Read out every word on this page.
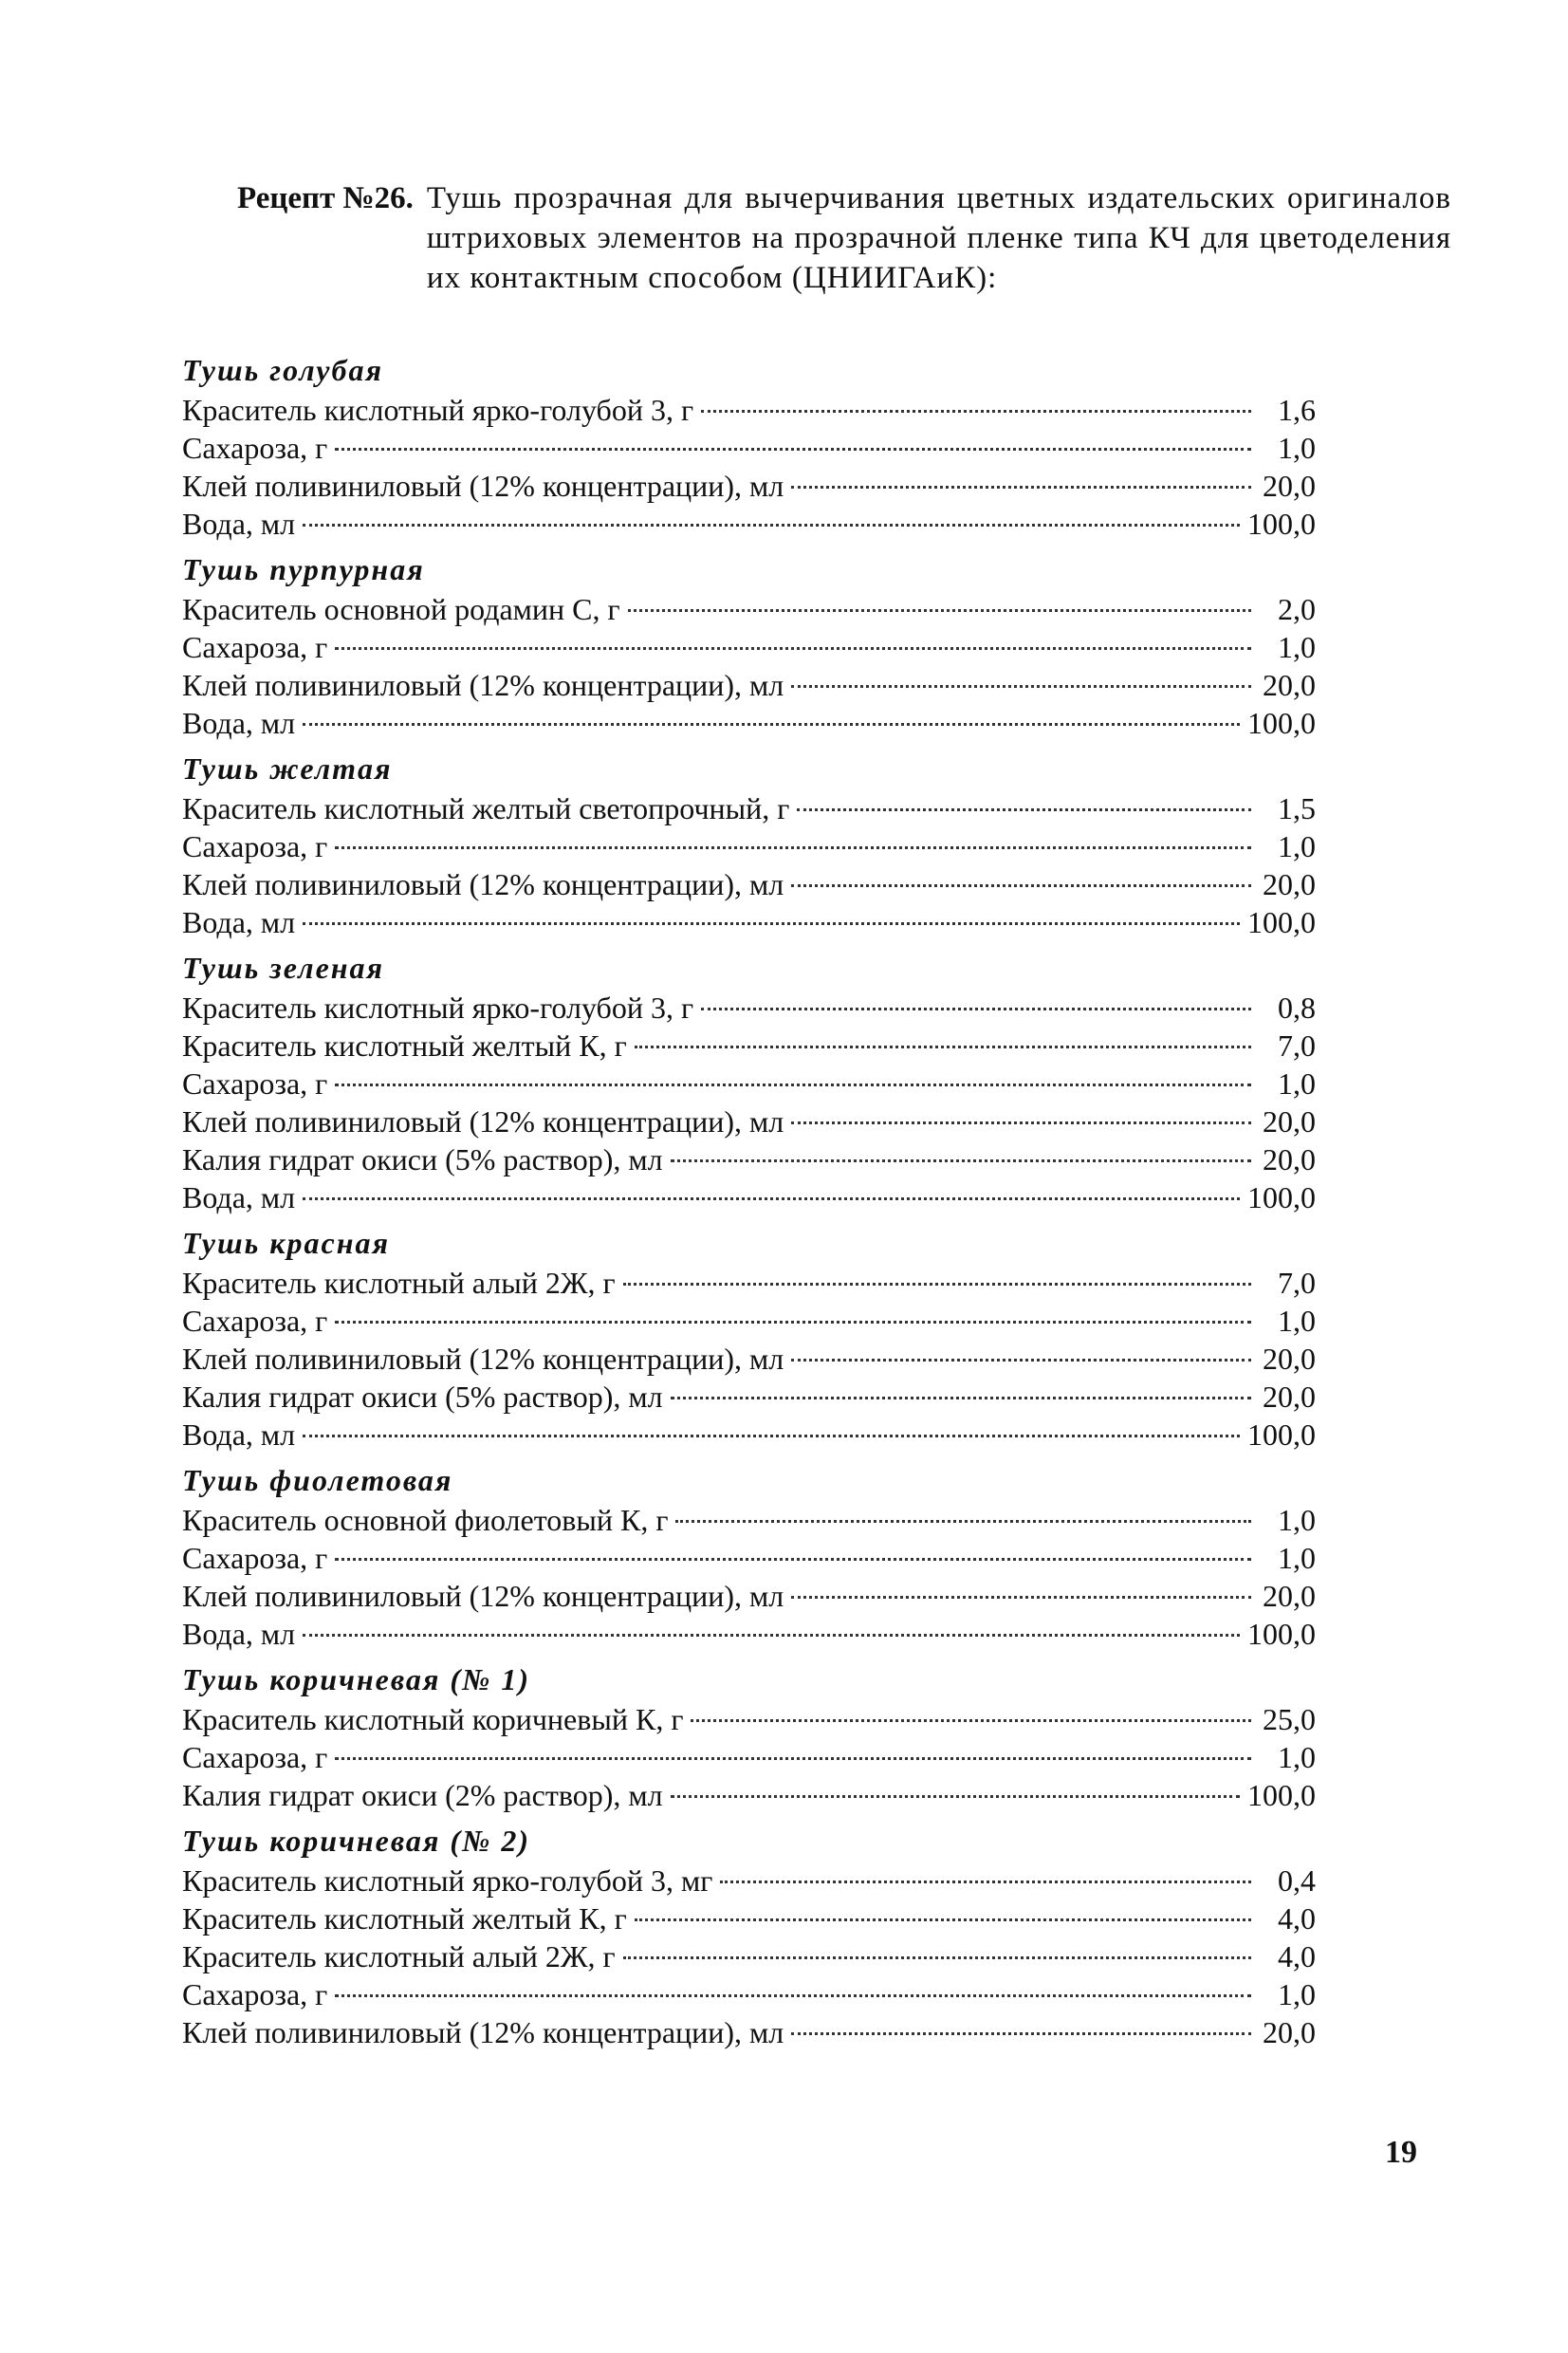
Рецепт №26. Тушь прозрачная для вычерчивания цветных издательских оригиналов штриховых элементов на прозрачной пленке типа КЧ для цветоделения их контактным способом (ЦНИИГАиК):
Тушь голубая
Краситель кислотный ярко-голубой 3, г	1,6
Сахароза, г	1,0
Клей поливиниловый (12% концентрации), мл	20,0
Вода, мл	100,0
Тушь пурпурная
Краситель основной родамин С, г	2,0
Сахароза, г	1,0
Клей поливиниловый (12% концентрации), мл	20,0
Вода, мл	100,0
Тушь желтая
Краситель кислотный желтый светопрочный, г	1,5
Сахароза, г	1,0
Клей поливиниловый (12% концентрации), мл	20,0
Вода, мл	100,0
Тушь зеленая
Краситель кислотный ярко-голубой 3, г	0,8
Краситель кислотный желтый К, г	7,0
Сахароза, г	1,0
Клей поливиниловый (12% концентрации), мл	20,0
Калия гидрат окиси (5% раствор), мл	20,0
Вода, мл	100,0
Тушь красная
Краситель кислотный алый 2Ж, г	7,0
Сахароза, г	1,0
Клей поливиниловый (12% концентрации), мл	20,0
Калия гидрат окиси (5% раствор), мл	20,0
Вода, мл	100,0
Тушь фиолетовая
Краситель основной фиолетовый К, г	1,0
Сахароза, г	1,0
Клей поливиниловый (12% концентрации), мл	20,0
Вода, мл	100,0
Тушь коричневая (№ 1)
Краситель кислотный коричневый К, г	25,0
Сахароза, г	1,0
Калия гидрат окиси (2% раствор), мл	100,0
Тушь коричневая (№ 2)
Краситель кислотный ярко-голубой 3, мг	0,4
Краситель кислотный желтый К, г	4,0
Краситель кислотный алый 2Ж, г	4,0
Сахароза, г	1,0
Клей поливиниловый (12% концентрации), мл	20,0
19
